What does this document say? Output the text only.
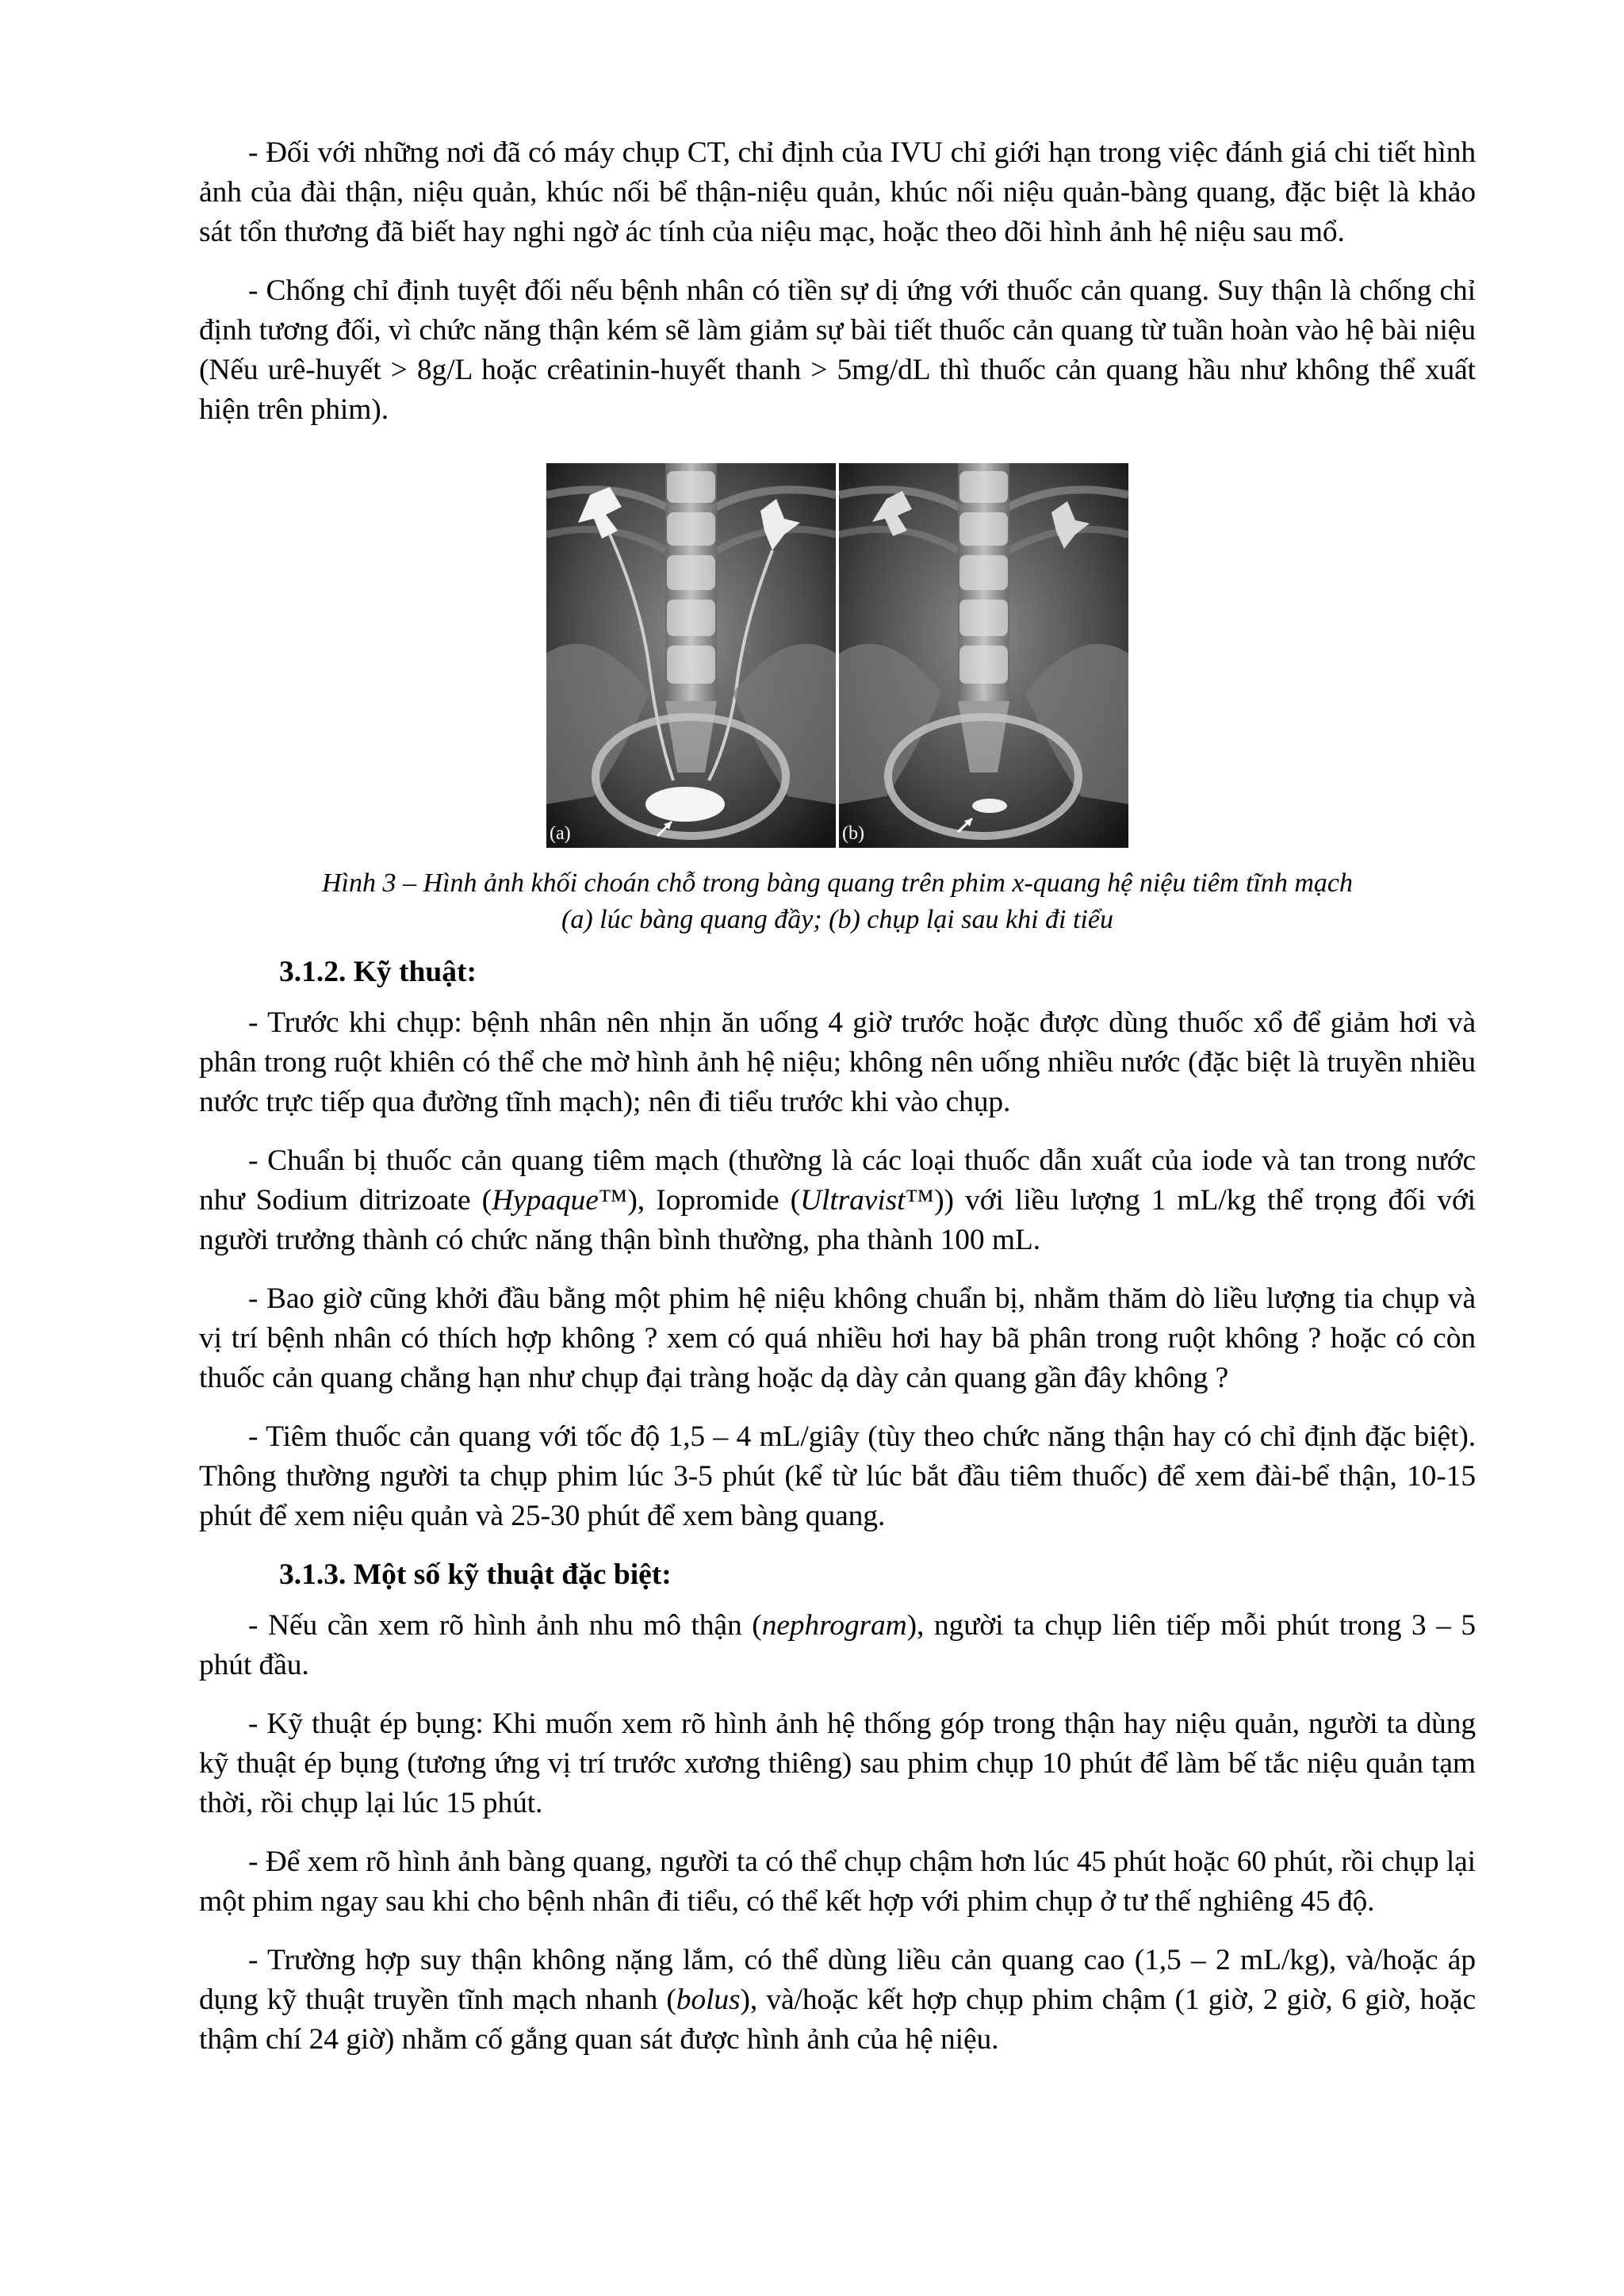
- Đối với những nơi đã có máy chụp CT, chỉ định của IVU chỉ giới hạn trong việc đánh giá chi tiết hình ảnh của đài thận, niệu quản, khúc nối bể thận-niệu quản, khúc nối niệu quản-bàng quang, đặc biệt là khảo sát tổn thương đã biết hay nghi ngờ ác tính của niệu mạc, hoặc theo dõi hình ảnh hệ niệu sau mổ.

- Chống chỉ định tuyệt đối nếu bệnh nhân có tiền sự dị ứng với thuốc cản quang. Suy thận là chống chỉ định tương đối, vì chức năng thận kém sẽ làm giảm sự bài tiết thuốc cản quang từ tuần hoàn vào hệ bài niệu (Nếu urê-huyết > 8g/L hoặc crêatinin-huyết thanh > 5mg/dL thì thuốc cản quang hầu như không thể xuất hiện trên phim).

(a)	(b)

Hình 3 – Hình ảnh khối choán chỗ trong bàng quang trên phim x-quang hệ niệu tiêm tĩnh mạch
(a) lúc bàng quang đầy; (b) chụp lại sau khi đi tiểu

3.1.2. Kỹ thuật:

- Trước khi chụp: bệnh nhân nên nhịn ăn uống 4 giờ trước hoặc được dùng thuốc xổ để giảm hơi và phân trong ruột khiên có thể che mờ hình ảnh hệ niệu; không nên uống nhiều nước (đặc biệt là truyền nhiều nước trực tiếp qua đường tĩnh mạch); nên đi tiểu trước khi vào chụp.

- Chuẩn bị thuốc cản quang tiêm mạch (thường là các loại thuốc dẫn xuất của iode và tan trong nước như Sodium ditrizoate (Hypaque™), Iopromide (Ultravist™)) với liều lượng 1 mL/kg thể trọng đối với người trưởng thành có chức năng thận bình thường, pha thành 100 mL.

- Bao giờ cũng khởi đầu bằng một phim hệ niệu không chuẩn bị, nhằm thăm dò liều lượng tia chụp và vị trí bệnh nhân có thích hợp không ? xem có quá nhiều hơi hay bã phân trong ruột không ? hoặc có còn thuốc cản quang chẳng hạn như chụp đại tràng hoặc dạ dày cản quang gần đây không ?

- Tiêm thuốc cản quang với tốc độ 1,5 – 4 mL/giây (tùy theo chức năng thận hay có chỉ định đặc biệt). Thông thường người ta chụp phim lúc 3-5 phút (kể từ lúc bắt đầu tiêm thuốc) để xem đài-bể thận, 10-15 phút để xem niệu quản và 25-30 phút để xem bàng quang.

3.1.3. Một số kỹ thuật đặc biệt:

- Nếu cần xem rõ hình ảnh nhu mô thận (nephrogram), người ta chụp liên tiếp mỗi phút trong 3 – 5 phút đầu.

- Kỹ thuật ép bụng: Khi muốn xem rõ hình ảnh hệ thống góp trong thận hay niệu quản, người ta dùng kỹ thuật ép bụng (tương ứng vị trí trước xương thiêng) sau phim chụp 10 phút để làm bế tắc niệu quản tạm thời, rồi chụp lại lúc 15 phút.

- Để xem rõ hình ảnh bàng quang, người ta có thể chụp chậm hơn lúc 45 phút hoặc 60 phút, rồi chụp lại một phim ngay sau khi cho bệnh nhân đi tiểu, có thể kết hợp với phim chụp ở tư thế nghiêng 45 độ.

- Trường hợp suy thận không nặng lắm, có thể dùng liều cản quang cao (1,5 – 2 mL/kg), và/hoặc áp dụng kỹ thuật truyền tĩnh mạch nhanh (bolus), và/hoặc kết hợp chụp phim chậm (1 giờ, 2 giờ, 6 giờ, hoặc thậm chí 24 giờ) nhằm cố gắng quan sát được hình ảnh của hệ niệu.
